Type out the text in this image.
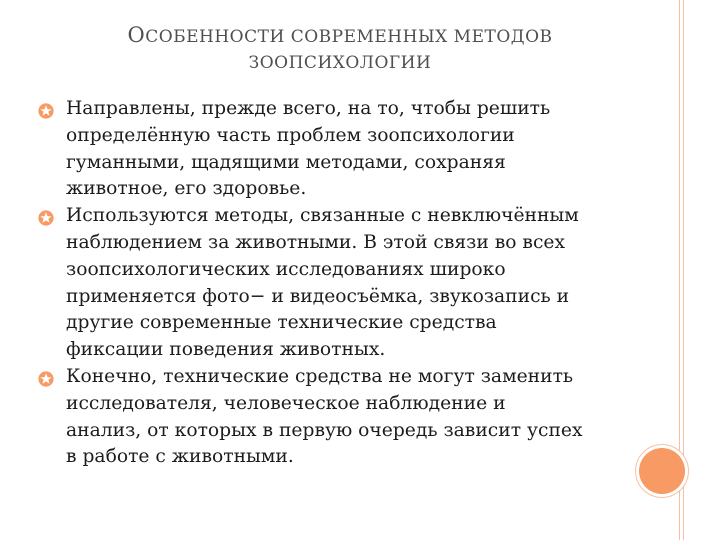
ОСОБЕННОСТИ СОВРЕМЕННЫХ МЕТОДОВ
ЗООПСИХОЛОГИИ
Направлены, прежде всего, на то, чтобы решить
определённую часть проблем зоопсихологии
гуманными, щадящими методами, сохраняя
животное, его здоровье.
Используются методы, связанные с невключённым
наблюдением за животными. В этой связи во всех
зоопсихологических исследованиях широко
применяется фото− и видеосъёмка, звукозапись и
другие современные технические средства
фиксации поведения животных.
Конечно, технические средства не могут заменить
исследователя, человеческое наблюдение и
анализ, от которых в первую очередь зависит успех
в работе с животными.
